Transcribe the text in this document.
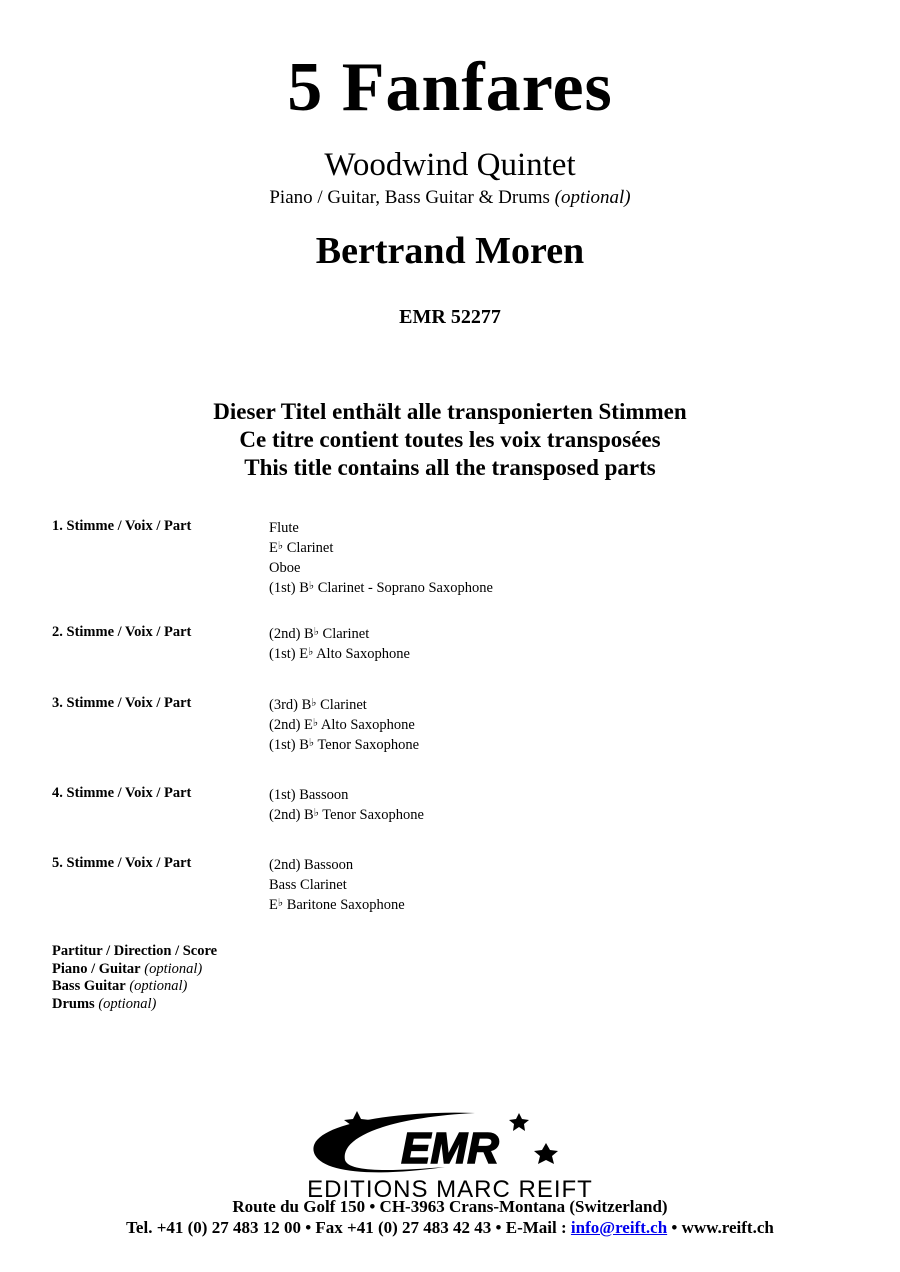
5 Fanfares
Woodwind Quintet
Piano / Guitar, Bass Guitar & Drums (optional)
Bertrand Moren
EMR 52277
Dieser Titel enthält alle transponierten Stimmen
Ce titre contient toutes les voix transposées
This title contains all the transposed parts
1. Stimme / Voix / Part	Flute
E♭ Clarinet
Oboe
(1st) B♭ Clarinet - Soprano Saxophone
2. Stimme / Voix / Part	(2nd) B♭ Clarinet
(1st) E♭ Alto Saxophone
3. Stimme / Voix / Part	(3rd) B♭ Clarinet
(2nd) E♭ Alto Saxophone
(1st) B♭ Tenor Saxophone
4. Stimme / Voix / Part	(1st) Bassoon
(2nd) B♭ Tenor Saxophone
5. Stimme / Voix / Part	(2nd) Bassoon
Bass Clarinet
E♭ Baritone Saxophone
Partitur / Direction / Score
Piano / Guitar (optional)
Bass Guitar (optional)
Drums (optional)
EMR
EDITIONS MARC REIFT
Route du Golf 150 • CH-3963 Crans-Montana (Switzerland)
Tel. +41 (0) 27 483 12 00 • Fax +41 (0) 27 483 42 43 • E-Mail : info@reift.ch • www.reift.ch
